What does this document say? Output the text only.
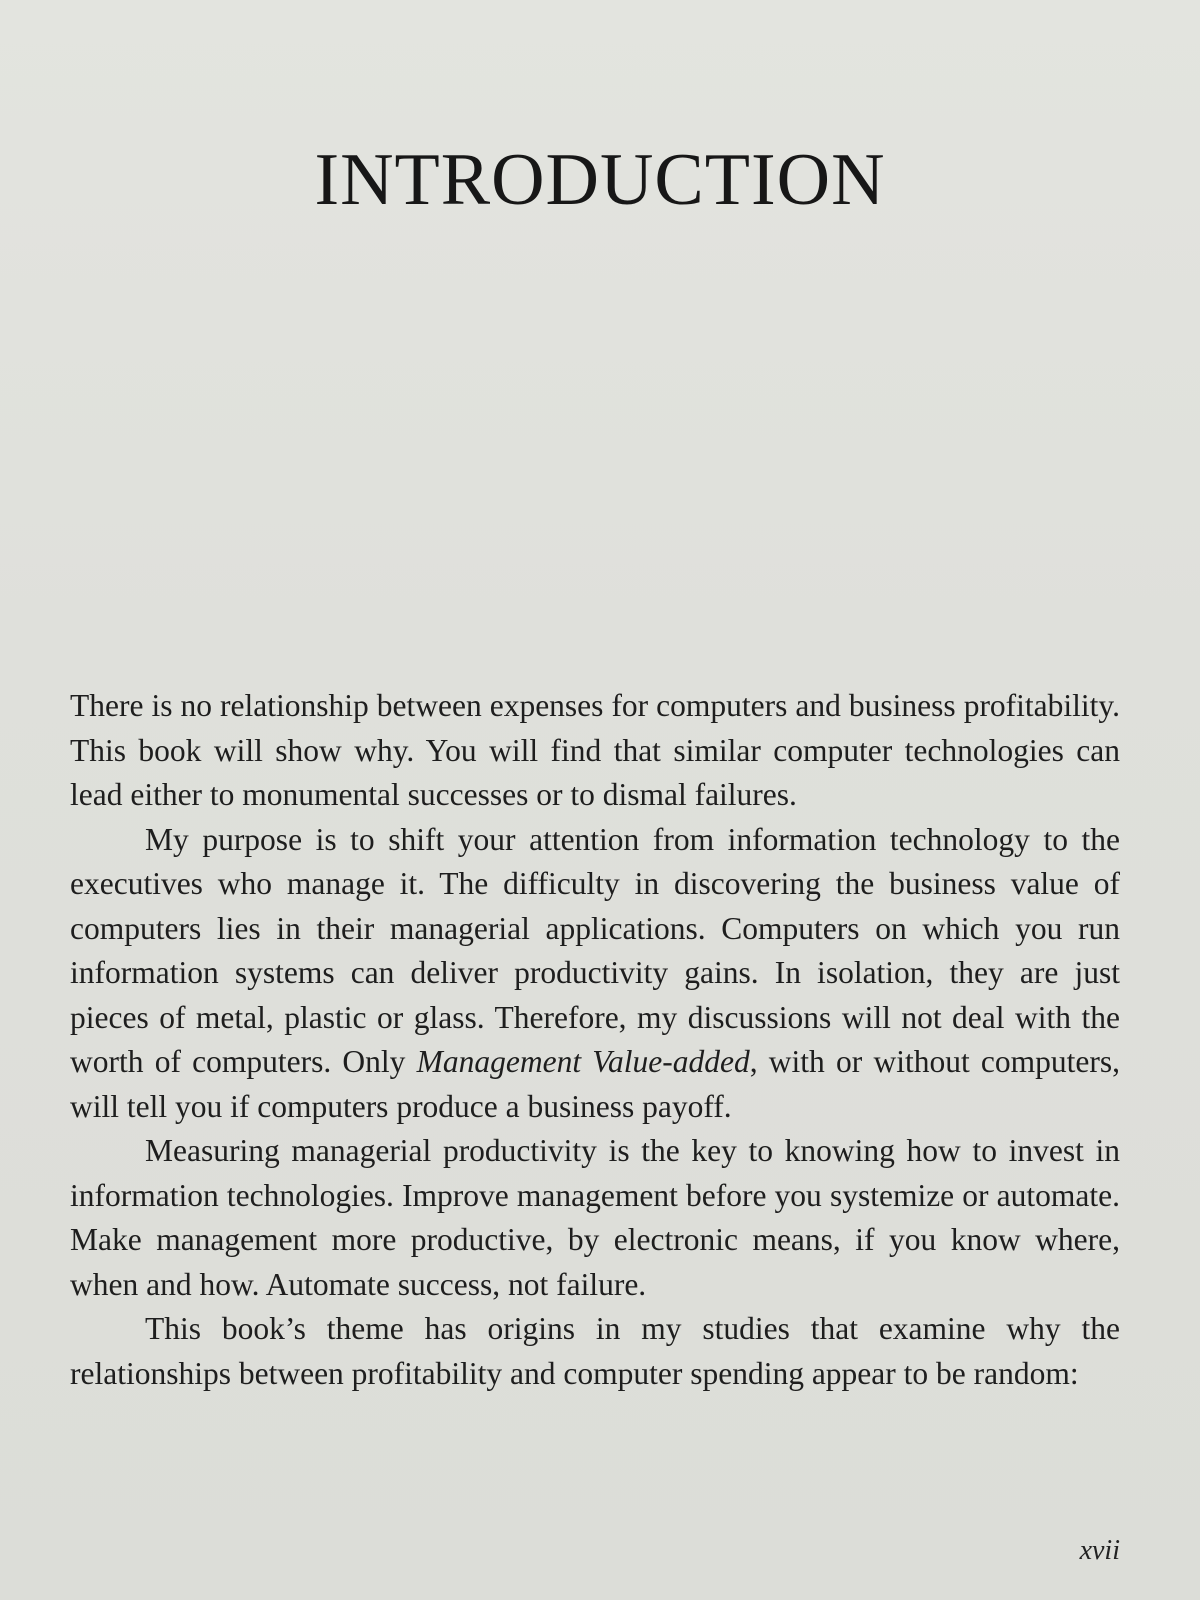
INTRODUCTION

There is no relationship between expenses for computers and business profitability. This book will show why. You will find that similar computer technologies can lead either to monumental successes or to dismal failures.

My purpose is to shift your attention from information technology to the executives who manage it. The difficulty in discovering the business value of computers lies in their managerial applications. Computers on which you run information systems can deliver productivity gains. In isolation, they are just pieces of metal, plastic or glass. Therefore, my discussions will not deal with the worth of computers. Only Management Value-added, with or without computers, will tell you if computers produce a business payoff.

Measuring managerial productivity is the key to knowing how to invest in information technologies. Improve management before you systemize or automate. Make management more productive, by electronic means, if you know where, when and how. Automate success, not failure.

This book’s theme has origins in my studies that examine why the relationships between profitability and computer spending appear to be random:

xvii
